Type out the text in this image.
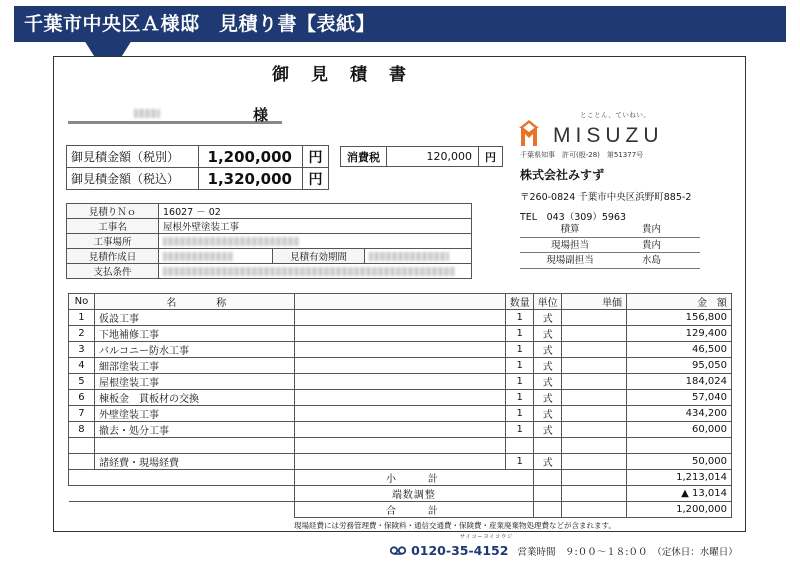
千葉市中央区Ａ様邸　見積り書【表紙】
御見積書
様
御見積金額（税別）	1,200,000	円
御見積金額（税込）	1,320,000	円
消費税	120,000	円
見積りＮｏ	16027 － 02		
工事名	屋根外壁塗装工事		
工事場所			
見積作成日		見積有効期間	
支払条件			
とことん、ていねい。
MISUZU
千葉県知事　許可(般-28)　第51377号
株式会社みすず
〒260-0824 千葉市中央区浜野町885-2
TEL　043（309）5963
積算	貴内
現場担当	貴内
現場副担当	水島
No	名　　　　称		数量	単位	単価	金　額
1	仮設工事		1	式		156,800
2	下地補修工事		1	式		129,400
3	バルコニー防水工事		1	式		46,500
4	細部塗装工事		1	式		95,050
5	屋根塗装工事		1	式		184,024
6	棟板金　貫板材の交換		1	式		57,040
7	外壁塗装工事		1	式		434,200
8	撤去・処分工事		1	式		60,000

	諸経費・現場経費		1	式		50,000
		小　　計				1,213,014
		端数調整				▲ 13,014
		合　　計				1,200,000
現場経費には労務管理費・保険料・通信交通費・保険費・産業廃棄物処理費などが含まれます。
サイコーヨイコウジ
0120-35-4152 営業時間　９:００〜１８:００　（定休日：水曜日）
